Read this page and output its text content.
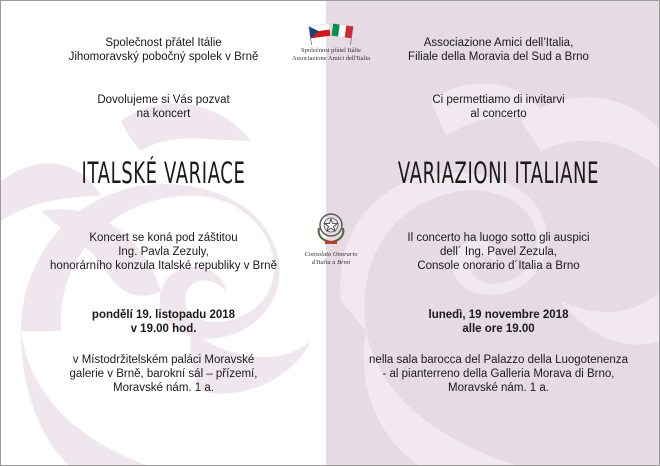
Společnost přátel Itálie
Jihomoravský pobočný spolek v Brně
Dovolujeme si Vás pozvat
na koncert
ITALSKÉ VARIACE
Koncert se koná pod záštitou
Ing. Pavla Zezuly,
honorárního konzula Italské republiky v Brně
pondělí 19. listopadu 2018
v 19.00 hod.
v Místodržitelském paláci Moravské
galerie v Brně, barokní sál – přízemí,
Moravské nám. 1 a.
Associazione Amici dell’Italia,
Filiale della Moravia del Sud a Brno
Ci permettiamo di invitarvi
al concerto
VARIAZIONI ITALIANE
Il concerto ha luogo sotto gli auspici
dell´ Ing. Pavel Zezula,
Console onorario d´Italia a Brno
lunedì, 19 novembre 2018
alle ore 19.00
nella sala barocca del Palazzo della Luogotenenza
- al pianterreno della Galleria Morava di Brno,
Moravské nám. 1 a.
Společnost přátel Itálie
Associazione Amici dell'Italia
Consolato Onorario
d'Italia a Brno
